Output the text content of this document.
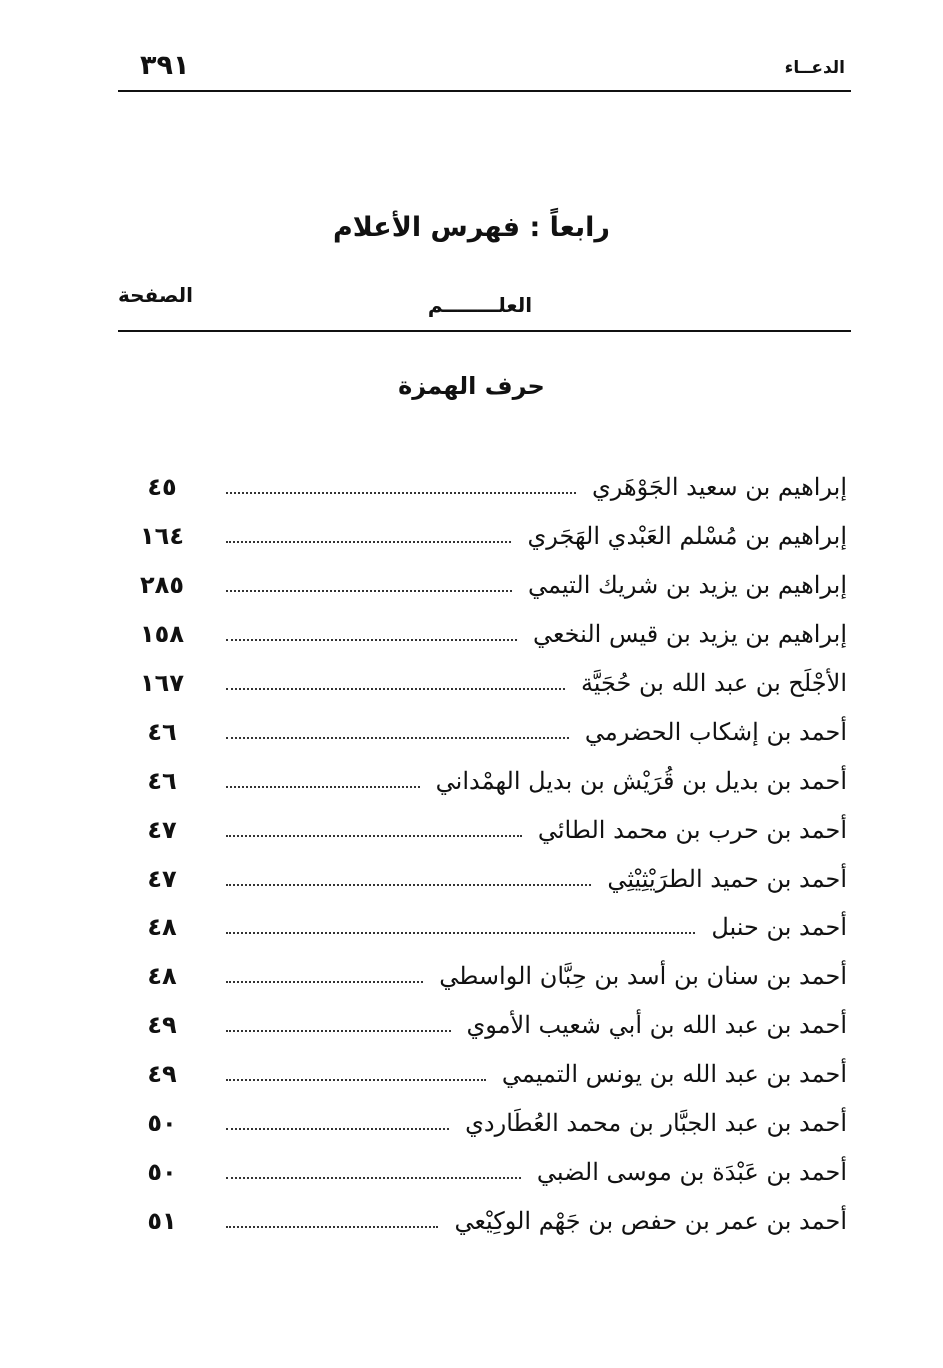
الدعــاء
٣٩١
رابعاً : فهرس الأعلام
العلــــــــم
الصفحة
حرف الهمزة
إبراهيم بن سعيد الجَوْهَري
٤٥
إبراهيم بن مُسْلم العَبْدي الهَجَري
١٦٤
إبراهيم بن يزيد بن شريك التيمي
٢٨٥
إبراهيم بن يزيد بن قيس النخعي
١٥٨
الأجْلَح بن عبد الله بن حُجَيَّة
١٦٧
أحمد بن إشكاب الحضرمي
٤٦
أحمد بن بديل بن قُرَيْش بن بديل الهمْداني
٤٦
أحمد بن حرب بن محمد الطائي
٤٧
أحمد بن حميد الطرَيْثِيْثِي
٤٧
أحمد بن حنبل
٤٨
أحمد بن سنان بن أسد بن حِبَّان الواسطي
٤٨
أحمد بن عبد الله بن أبي شعيب الأموي
٤٩
أحمد بن عبد الله بن يونس التميمي
٤٩
أحمد بن عبد الجبَّار بن محمد العُطَاردي
٥٠
أحمد بن عَبْدَة بن موسى الضبي
٥٠
أحمد بن عمر بن حفص بن جَهْم الوكِيْعي
٥١
